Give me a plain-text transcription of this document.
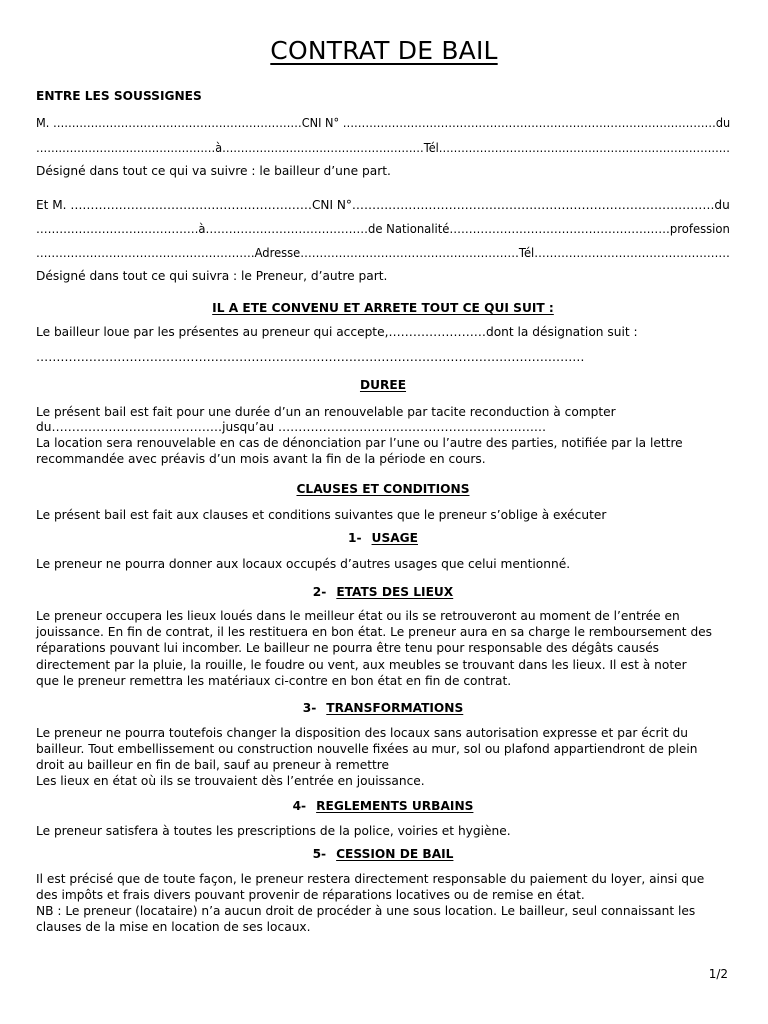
CONTRAT DE BAIL
ENTRE LES SOUSSIGNES
M. …………………………………………………………CNI N° ………………………………………………………………………………………du
…………………………………………à………………………………………………Tél……………………………………………………………………
Désigné dans tout ce qui va suivre : le bailleur d’une part.
Et M. ……………………………………………………CNI N°………………………………………………………………………………du
……………………………………à……………………………………de Nationalité…………………………………………………profession
…………………………………………………Adresse…………………………………………………Tél……………………………………………
Désigné dans tout ce qui suivra : le Preneur, d’autre part.
IL A ETE CONVENU ET ARRETE TOUT CE QUI SUIT :
Le bailleur loue par les présentes au preneur qui accepte,……………………dont la désignation suit :
………………………………………………………………………………………………………………………
DUREE
Le présent bail est fait pour une durée d’un an renouvelable par tacite reconduction à compter
du……………………………………jusqu’au …………………………………………………………
La location sera renouvelable en cas de dénonciation par l’une ou l’autre des parties, notifiée par la lettre
recommandée avec préavis d’un mois avant la fin de la période en cours.
CLAUSES ET CONDITIONS
Le présent bail est fait aux clauses et conditions suivantes que le preneur s’oblige à exécuter
1- USAGE
Le preneur ne pourra donner aux locaux occupés d’autres usages que celui mentionné.
2- ETATS DES LIEUX
Le preneur occupera les lieux loués dans le meilleur état ou ils se retrouveront au moment de l’entrée en
jouissance. En fin de contrat, il les restituera en bon état. Le preneur aura en sa charge le remboursement des
réparations pouvant lui incomber. Le bailleur ne pourra être tenu pour responsable des dégâts causés
directement par la pluie, la rouille, le foudre ou vent, aux meubles se trouvant dans les lieux. Il est à noter
que le preneur remettra les matériaux ci-contre en bon état en fin de contrat.
3- TRANSFORMATIONS
Le preneur ne pourra toutefois changer la disposition des locaux sans autorisation expresse et par écrit du
bailleur. Tout embellissement ou construction nouvelle fixées au mur, sol ou plafond appartiendront de plein
droit au bailleur en fin de bail, sauf au preneur à remettre
Les lieux en état où ils se trouvaient dès l’entrée en jouissance.
4- REGLEMENTS URBAINS
Le preneur satisfera à toutes les prescriptions de la police, voiries et hygiène.
5- CESSION DE BAIL
Il est précisé que de toute façon, le preneur restera directement responsable du paiement du loyer, ainsi que
des impôts et frais divers pouvant provenir de réparations locatives ou de remise en état.
NB : Le preneur (locataire) n’a aucun droit de procéder à une sous location. Le bailleur, seul connaissant les
clauses de la mise en location de ses locaux.
1/2
